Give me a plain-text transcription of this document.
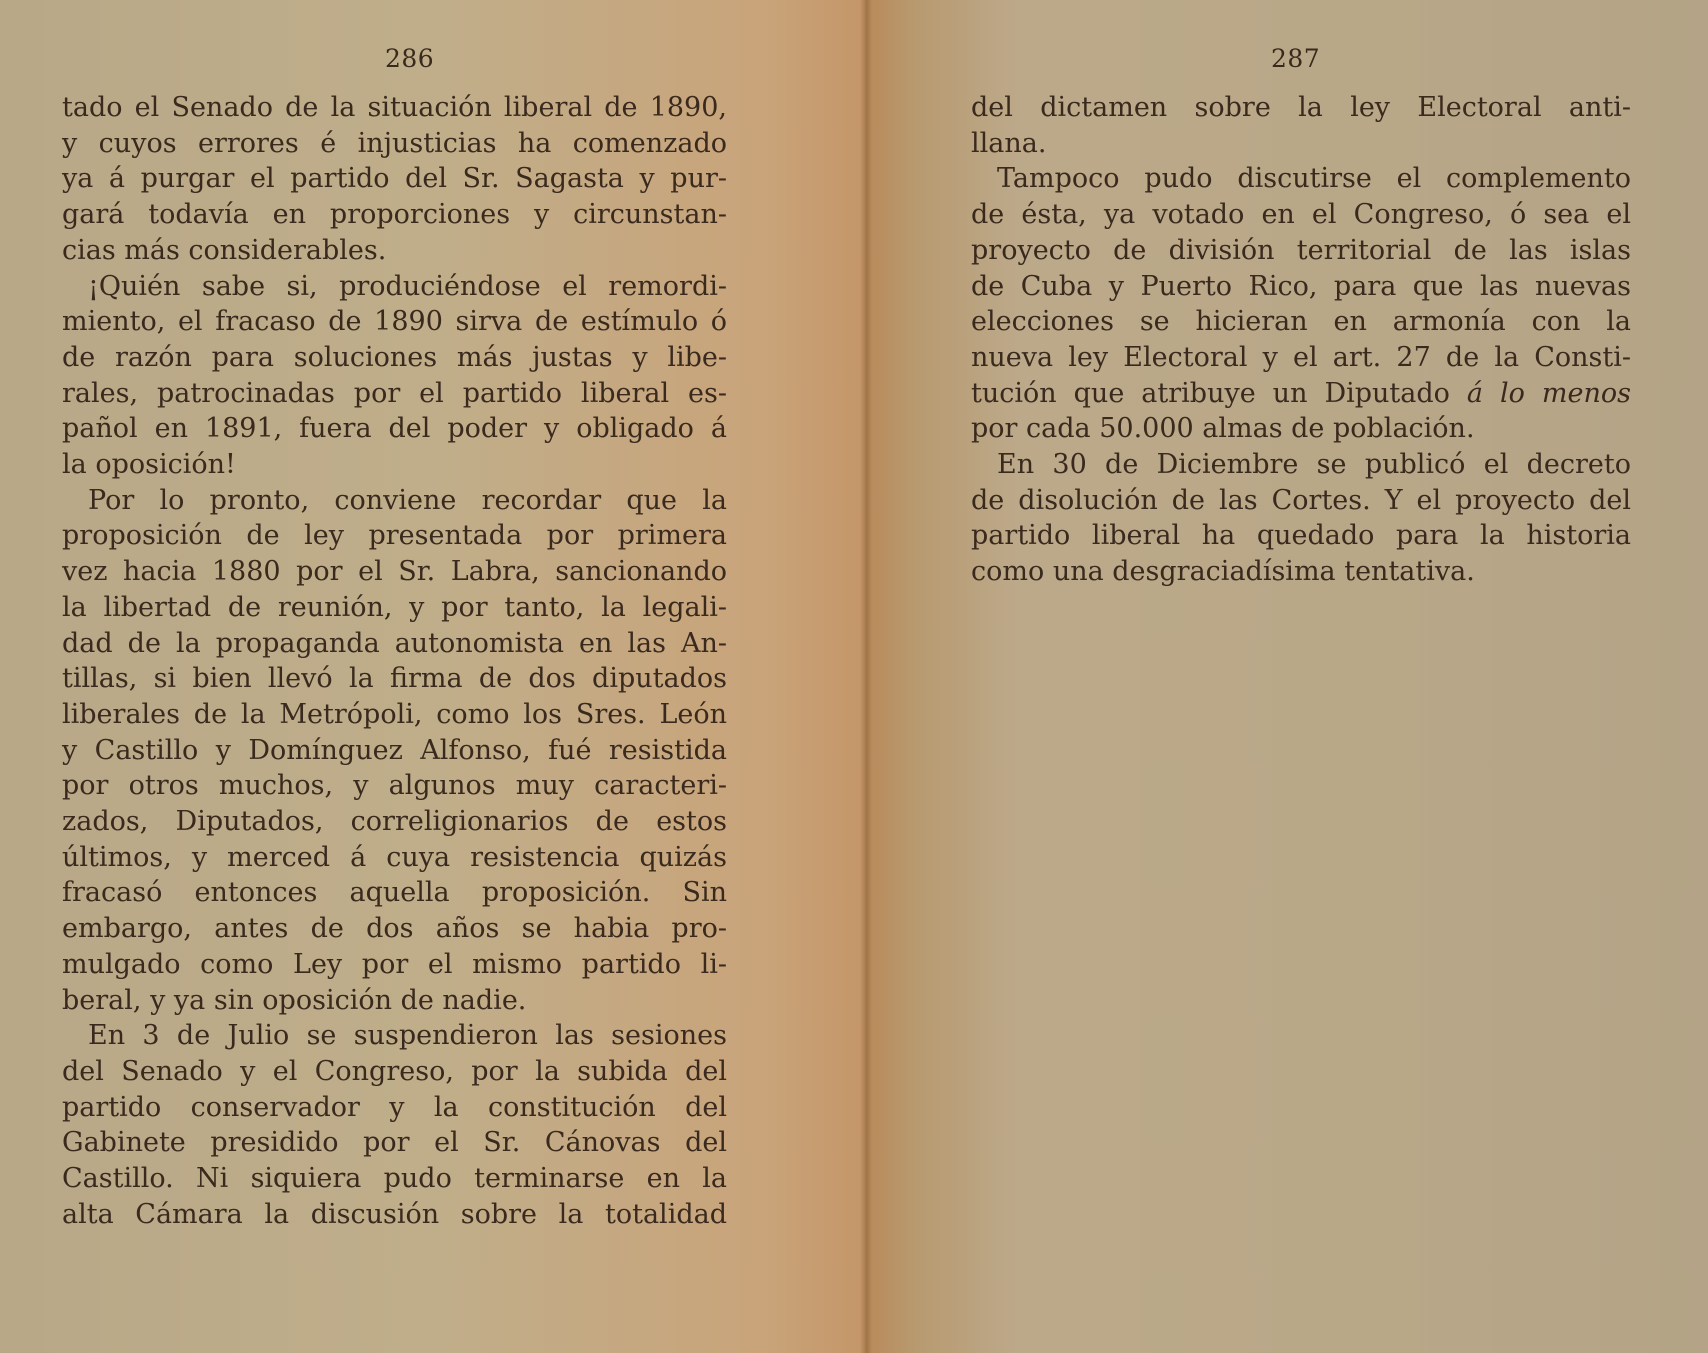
286
tado el Senado de la situación liberal de 1890,
y cuyos errores é injusticias ha comenzado
ya á purgar el partido del Sr. Sagasta y pur-
gará todavía en proporciones y circunstan-
cias más considerables.
¡Quién sabe si, produciéndose el remordi-
miento, el fracaso de 1890 sirva de estímulo ó
de razón para soluciones más justas y libe-
rales, patrocinadas por el partido liberal es-
pañol en 1891, fuera del poder y obligado á
la oposición!
Por lo pronto, conviene recordar que la
proposición de ley presentada por primera
vez hacia 1880 por el Sr. Labra, sancionando
la libertad de reunión, y por tanto, la legali-
dad de la propaganda autonomista en las An-
tillas, si bien llevó la firma de dos diputados
liberales de la Metrópoli, como los Sres. León
y Castillo y Domínguez Alfonso, fué resistida
por otros muchos, y algunos muy caracteri-
zados, Diputados, correligionarios de estos
últimos, y merced á cuya resistencia quizás
fracasó entonces aquella proposición. Sin
embargo, antes de dos años se habia pro-
mulgado como Ley por el mismo partido li-
beral, y ya sin oposición de nadie.
En 3 de Julio se suspendieron las sesiones
del Senado y el Congreso, por la subida del
partido conservador y la constitución del
Gabinete presidido por el Sr. Cánovas del
Castillo. Ni siquiera pudo terminarse en la
alta Cámara la discusión sobre la totalidad
287
del dictamen sobre la ley Electoral anti-
llana.
Tampoco pudo discutirse el complemento
de ésta, ya votado en el Congreso, ó sea el
proyecto de división territorial de las islas
de Cuba y Puerto Rico, para que las nuevas
elecciones se hicieran en armonía con la
nueva ley Electoral y el art. 27 de la Consti-
tución que atribuye un Diputado á lo menos
por cada 50.000 almas de población.
En 30 de Diciembre se publicó el decreto
de disolución de las Cortes. Y el proyecto del
partido liberal ha quedado para la historia
como una desgraciadísima tentativa.
